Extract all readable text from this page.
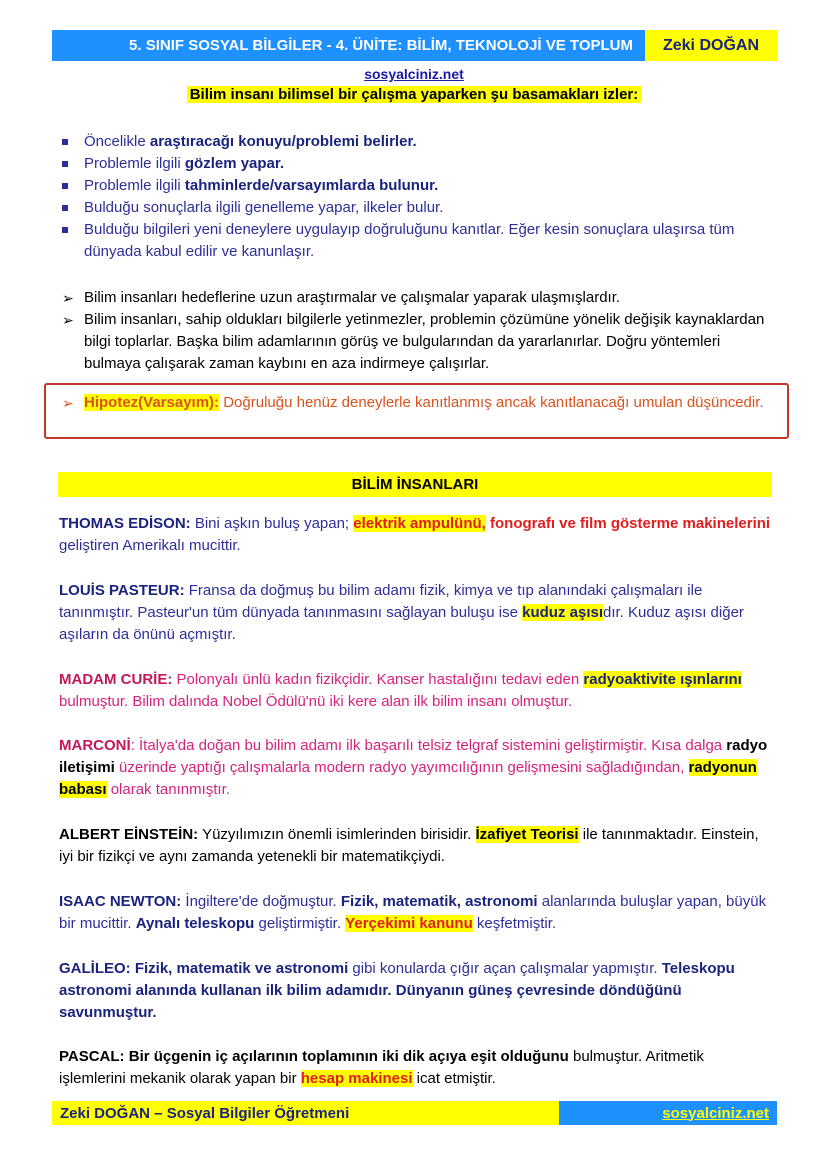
5. SINIF SOSYAL BİLGİLER - 4. ÜNİTE: BİLİM, TEKNOLOJİ VE TOPLUM	Zeki DOĞAN
sosyalciniz.net
Bilim insanı bilimsel bir çalışma yaparken şu basamakları izler:
Öncelikle araştıracağı konuyu/problemi belirler.
Problemle ilgili gözlem yapar.
Problemle ilgili tahminlerde/varsayımlarda bulunur.
Bulduğu sonuçlarla ilgili genelleme yapar, ilkeler bulur.
Bulduğu bilgileri yeni deneylere uygulayıp doğruluğunu kanıtlar. Eğer kesin sonuçlara ulaşırsa tüm dünyada kabul edilir ve kanunlaşır.
➢ Bilim insanları hedeflerine uzun araştırmalar ve çalışmalar yaparak ulaşmışlardır.
➢ Bilim insanları, sahip oldukları bilgilerle yetinmezler, problemin çözümüne yönelik değişik kaynaklardan bilgi toplarlar. Başka bilim adamlarının görüş ve bulgularından da yararlanırlar. Doğru yöntemleri bulmaya çalışarak zaman kaybını en aza indirmeye çalışırlar.
➢ Hipotez(Varsayım): Doğruluğu henüz deneylerle kanıtlanmış ancak kanıtlanacağı umulan düşüncedir.
BİLİM İNSANLARI

THOMAS EDİSON: Bini aşkın buluş yapan; elektrik ampulünü, fonografı ve film gösterme makinelerini geliştiren Amerikalı mucittir.

LOUİS PASTEUR: Fransa da doğmuş bu bilim adamı fizik, kimya ve tıp alanındaki çalışmaları ile tanınmıştır. Pasteur'un tüm dünyada tanınmasını sağlayan buluşu ise kuduz aşısıdır. Kuduz aşısı diğer aşıların da önünü açmıştır.

MADAM CURİE: Polonyalı ünlü kadın fizikçidir. Kanser hastalığını tedavi eden radyoaktivite ışınlarını bulmuştur. Bilim dalında Nobel Ödülü'nü iki kere alan ilk bilim insanı olmuştur.

MARCONİ: İtalya'da doğan bu bilim adamı ilk başarılı telsiz telgraf sistemini geliştirmiştir. Kısa dalga radyo iletişimi üzerinde yaptığı çalışmalarla modern radyo yayımcılığının gelişmesini sağladığından, radyonun babası olarak tanınmıştır.

ALBERT EİNSTEİN: Yüzyılımızın önemli isimlerinden birisidir. İzafiyet Teorisi ile tanınmaktadır. Einstein, iyi bir fizikçi ve aynı zamanda yetenekli bir matematikçiydi.

ISAAC NEWTON: İngiltere'de doğmuştur. Fizik, matematik, astronomi alanlarında buluşlar yapan, büyük bir mucittir. Aynalı teleskopu geliştirmiştir. Yerçekimi kanunu keşfetmiştir.

GALİLEO: Fizik, matematik ve astronomi gibi konularda çığır açan çalışmalar yapmıştır. Teleskopu astronomi alanında kullanan ilk bilim adamıdır. Dünyanın güneş çevresinde döndüğünü savunmuştur.

PASCAL: Bir üçgenin iç açılarının toplamının iki dik açıya eşit olduğunu bulmuştur. Aritmetik işlemlerini mekanik olarak yapan bir hesap makinesi icat etmiştir.

Zeki DOĞAN – Sosyal Bilgiler Öğretmeni	sosyalciniz.net
